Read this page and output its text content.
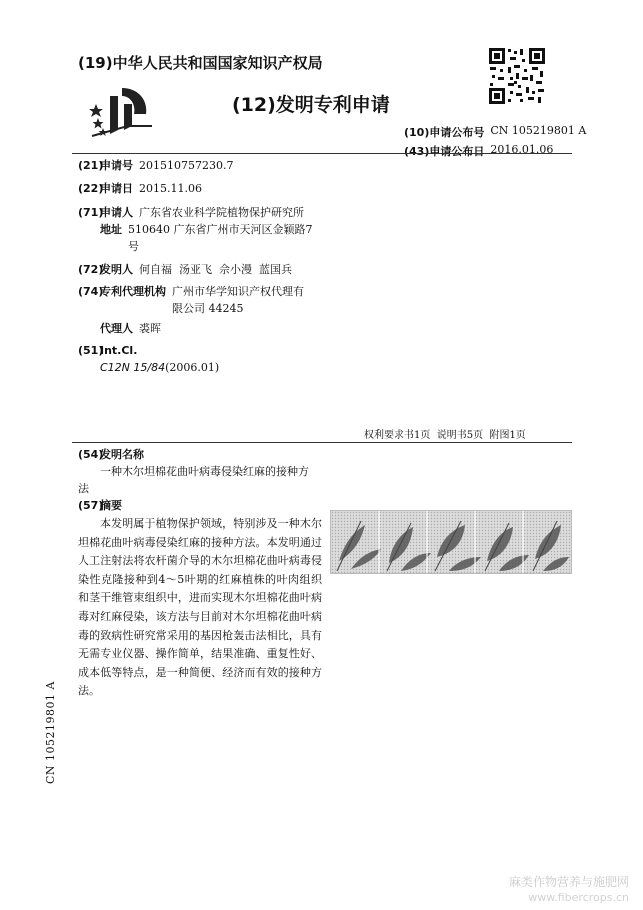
(19)中华人民共和国国家知识产权局
(12)发明专利申请
(10)申请公布号 CN 105219801 A
(43)申请公布日 2016.01.06
(21)
申请号 201510757230.7
(22)
申请日 2015.11.06
(71)
申请人 广东省农业科学院植物保护研究所
地址 510640 广东省广州市天河区金颖路7
号
(72)
发明人 何自福  汤亚飞  佘小漫  蓝国兵
(74)
专利代理机构 广州市华学知识产权代理有
限公司 44245
代理人 裘晖
(51)
Int.Cl.
C12N 15/84 (2006.01)
权利要求书1页  说明书5页  附图1页
(54)
发明名称
一种木尔坦棉花曲叶病毒侵染红麻的接种方
法
(57)
摘要
本发明属于植物保护领域，特别涉及一种木尔坦棉花曲叶病毒侵染红麻的接种方法。本发明通过人工注射法将农杆菌介导的木尔坦棉花曲叶病毒侵染性克隆接种到4～5叶期的红麻植株的叶肉组织和茎干维管束组织中，进而实现木尔坦棉花曲叶病毒对红麻侵染，该方法与目前对木尔坦棉花曲叶病毒的致病性研究常采用的基因枪轰击法相比，具有无需专业仪器、操作简单，结果准确、重复性好、成本低等特点，是一种简便、经济而有效的接种方法。
CN 105219801 A
麻类作物营养与施肥网
www.fibercrops.cn
